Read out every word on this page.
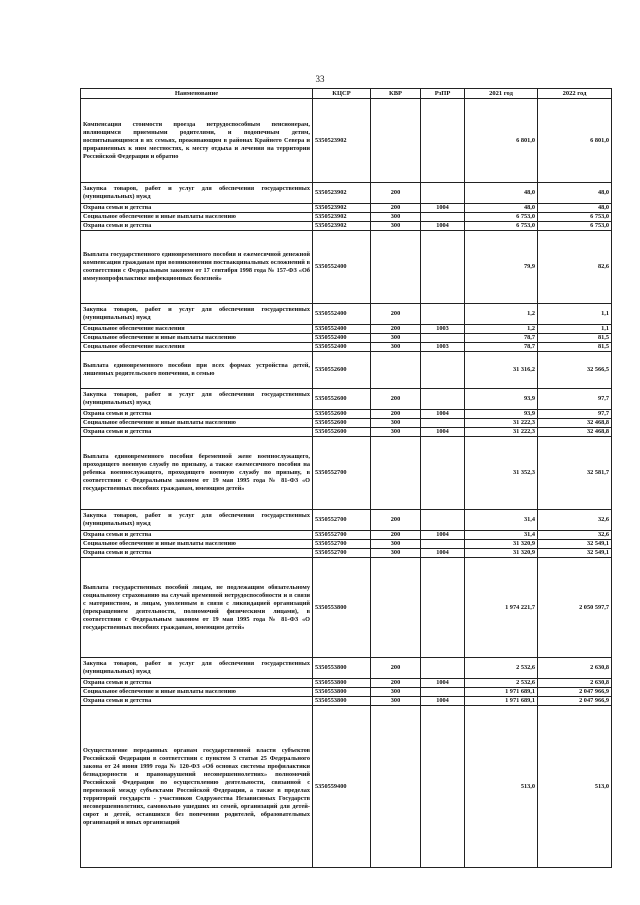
33
Наименование	КЦСР	КВР	РзПР	2021 год	2022 год
Компенсация стоимости проезда нетрудоспособным пенсионерам, являющимся приемными родителями, и подопечным детям, воспитывающимся в их семьях, проживающим в районах Крайнего Севера и приравненных к ним местностях, к месту отдыха и лечения на территории Российской Федерации и обратно	5350523902			6 801,0	6 801,0
Закупка товаров, работ и услуг для обеспечения государственных (муниципальных) нужд	5350523902	200		48,0	48,0
Охрана семьи и детства	5350523902	200	1004	48,0	48,0
Социальное обеспечение и иные выплаты населению	5350523902	300		6 753,0	6 753,0
Охрана семьи и детства	5350523902	300	1004	6 753,0	6 753,0
Выплата государственного единовременного пособия и ежемесячной денежной компенсации гражданам при возникновении поствакцинальных осложнений в соответствии с Федеральным законом от 17 сентября 1998 года № 157-ФЗ «Об иммунопрофилактике инфекционных болезней»	5350552400			79,9	82,6
Закупка товаров, работ и услуг для обеспечения государственных (муниципальных) нужд	5350552400	200		1,2	1,1
Социальное обеспечение населения	5350552400	200	1003	1,2	1,1
Социальное обеспечение и иные выплаты населению	5350552400	300		78,7	81,5
Социальное обеспечение населения	5350552400	300	1003	78,7	81,5
Выплата единовременного пособия при всех формах устройства детей, лишенных родительского попечения, в семью	5350552600			31 316,2	32 566,5
Закупка товаров, работ и услуг для обеспечения государственных (муниципальных) нужд	5350552600	200		93,9	97,7
Охрана семьи и детства	5350552600	200	1004	93,9	97,7
Социальное обеспечение и иные выплаты населению	5350552600	300		31 222,3	32 468,8
Охрана семьи и детства	5350552600	300	1004	31 222,3	32 468,8
Выплата единовременного пособия беременной жене военнослужащего, проходящего военную службу по призыву, а также ежемесячного пособия на ребенка военнослужащего, проходящего военную службу по призыву, в соответствии с Федеральным законом от 19 мая 1995 года № 81-ФЗ «О государственных пособиях гражданам, имеющим детей»	5350552700			31 352,3	32 581,7
Закупка товаров, работ и услуг для обеспечения государственных (муниципальных) нужд	5350552700	200		31,4	32,6
Охрана семьи и детства	5350552700	200	1004	31,4	32,6
Социальное обеспечение и иные выплаты населению	5350552700	300		31 320,9	32 549,1
Охрана семьи и детства	5350552700	300	1004	31 320,9	32 549,1
Выплата государственных пособий лицам, не подлежащим обязательному социальному страхованию на случай временной нетрудоспособности и в связи с материнством, и лицам, уволенным в связи с ликвидацией организаций (прекращением деятельности, полномочий физическими лицами), в соответствии с Федеральным законом от 19 мая 1995 года № 81-ФЗ «О государственных пособиях гражданам, имеющим детей»	5350553800			1 974 221,7	2 050 597,7
Закупка товаров, работ и услуг для обеспечения государственных (муниципальных) нужд	5350553800	200		2 532,6	2 630,8
Охрана семьи и детства	5350553800	200	1004	2 532,6	2 630,8
Социальное обеспечение и иные выплаты населению	5350553800	300		1 971 689,1	2 047 966,9
Охрана семьи и детства	5350553800	300	1004	1 971 689,1	2 047 966,9
Осуществление переданных органам государственной власти субъектов Российской Федерации в соответствии с пунктом 3 статьи 25 Федерального закона от 24 июня 1999 года № 120-ФЗ «Об основах системы профилактики безнадзорности и правонарушений несовершеннолетних» полномочий Российской Федерации по осуществлению деятельности, связанной с перевозкой между субъектами Российской Федерации, а также в пределах территорий государств - участников Содружества Независимых Государств несовершеннолетних, самовольно ушедших из семей, организаций для детей-сирот и детей, оставшихся без попечения родителей, образовательных организаций и иных организаций	5350559400			513,0	513,0
